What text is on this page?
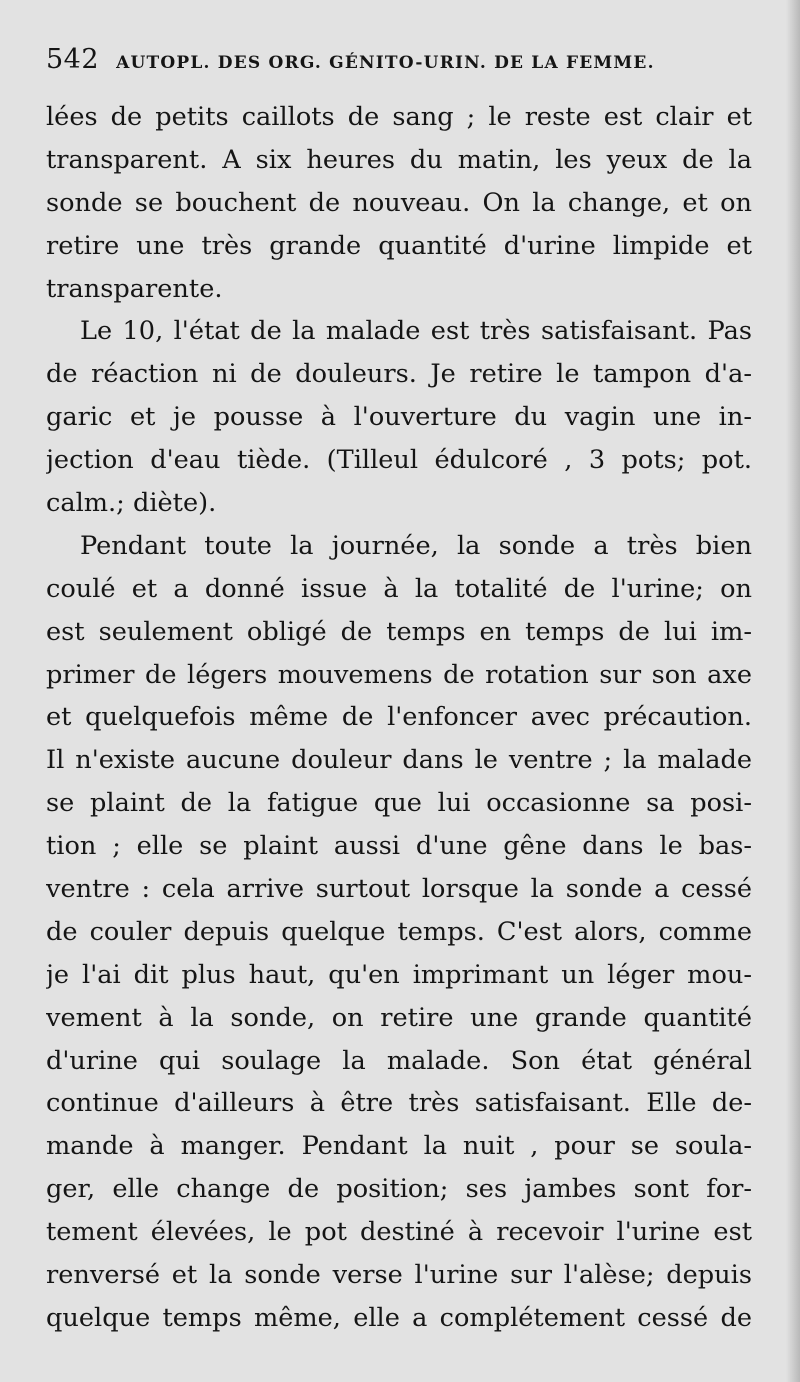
542 AUTOPL. DES ORG. GÉNITO-URIN. DE LA FEMME.
lées de petits caillots de sang ; le reste est clair et
transparent. A six heures du matin, les yeux de la
sonde se bouchent de nouveau. On la change, et on
retire une très grande quantité d'urine limpide et
transparente.
Le 10, l'état de la malade est très satisfaisant. Pas
de réaction ni de douleurs. Je retire le tampon d'a-
garic et je pousse à l'ouverture du vagin une in-
jection d'eau tiède. (Tilleul édulcoré , 3 pots; pot.
calm.; diète).
Pendant toute la journée, la sonde a très bien
coulé et a donné issue à la totalité de l'urine; on
est seulement obligé de temps en temps de lui im-
primer de légers mouvemens de rotation sur son axe
et quelquefois même de l'enfoncer avec précaution.
Il n'existe aucune douleur dans le ventre ; la malade
se plaint de la fatigue que lui occasionne sa posi-
tion ; elle se plaint aussi d'une gêne dans le bas-
ventre : cela arrive surtout lorsque la sonde a cessé
de couler depuis quelque temps. C'est alors, comme
je l'ai dit plus haut, qu'en imprimant un léger mou-
vement à la sonde, on retire une grande quantité
d'urine qui soulage la malade. Son état général
continue d'ailleurs à être très satisfaisant. Elle de-
mande à manger. Pendant la nuit , pour se soula-
ger, elle change de position; ses jambes sont for-
tement élevées, le pot destiné à recevoir l'urine est
renversé et la sonde verse l'urine sur l'alèse; depuis
quelque temps même, elle a complétement cessé de
